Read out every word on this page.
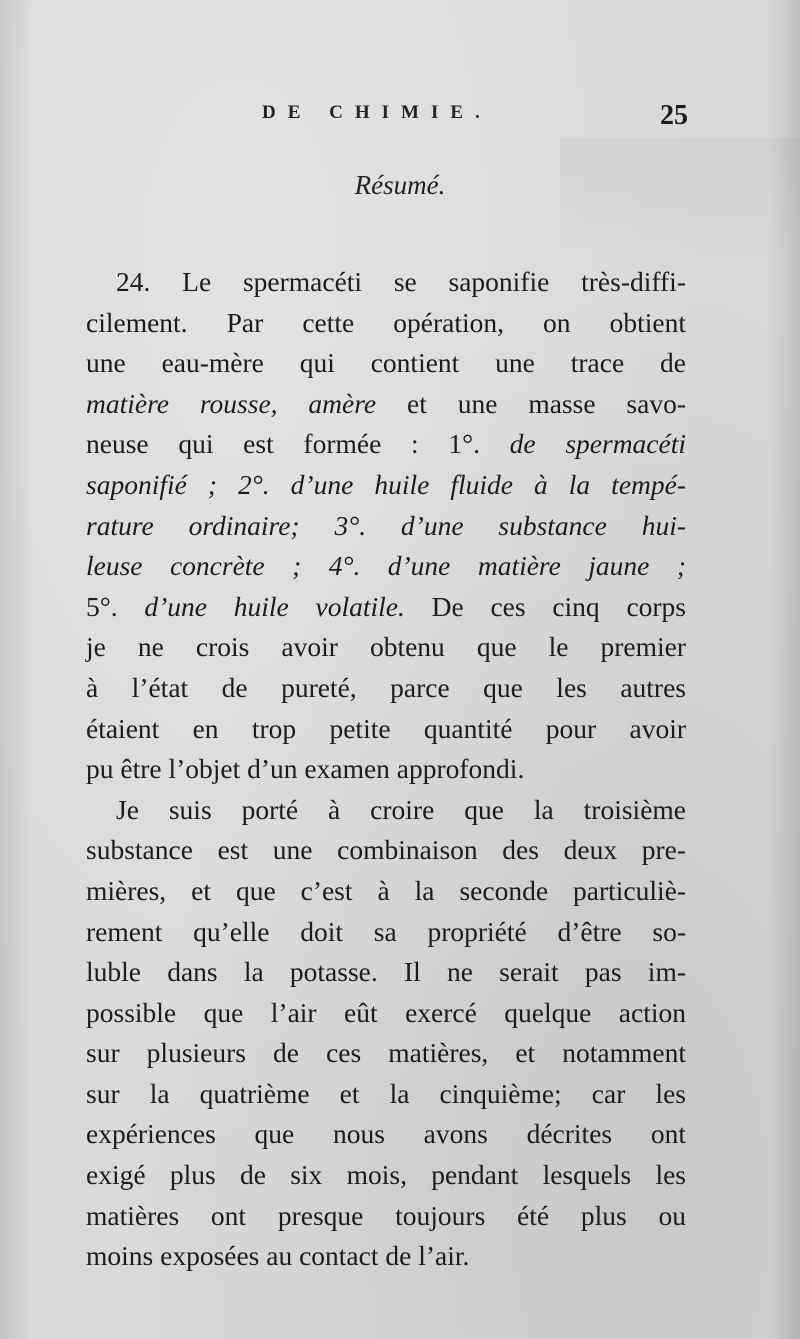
DE CHIMIE.	25
Résumé.
24. Le spermacéti se saponifie très-diffi-
cilement. Par cette opération, on obtient
une eau-mère qui contient une trace de
matière rousse, amère et une masse savo-
neuse qui est formée : 1°. de spermacéti
saponifié ; 2°. d’une huile fluide à la tempé-
rature ordinaire; 3°. d’une substance hui-
leuse concrète ; 4°. d’une matière jaune ;
5°. d’une huile volatile. De ces cinq corps
je ne crois avoir obtenu que le premier
à l’état de pureté, parce que les autres
étaient en trop petite quantité pour avoir
pu être l’objet d’un examen approfondi.
Je suis porté à croire que la troisième
substance est une combinaison des deux pre-
mières, et que c’est à la seconde particuliè-
rement qu’elle doit sa propriété d’être so-
luble dans la potasse. Il ne serait pas im-
possible que l’air eût exercé quelque action
sur plusieurs de ces matières, et notamment
sur la quatrième et la cinquième; car les
expériences que nous avons décrites ont
exigé plus de six mois, pendant lesquels les
matières ont presque toujours été plus ou
moins exposées au contact de l’air.
